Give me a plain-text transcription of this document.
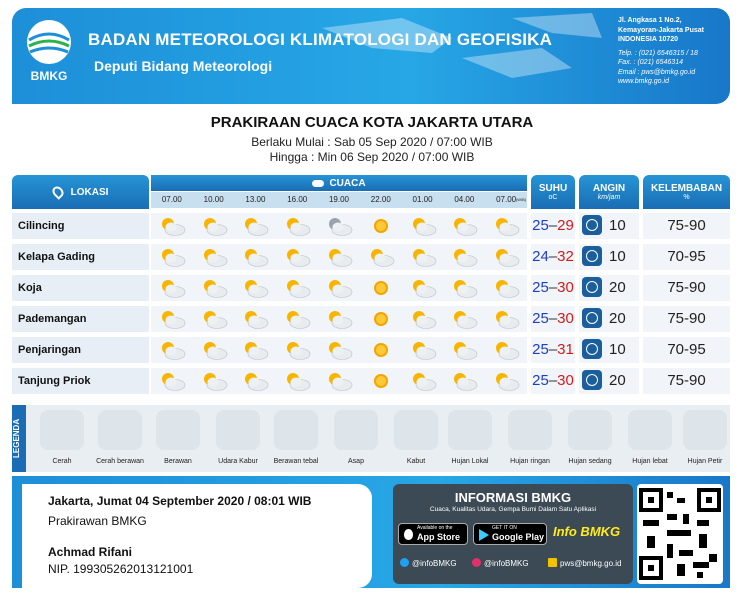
BMKG
BADAN METEOROLOGI KLIMATOLOGI DAN GEOFISIKA
Deputi Bidang Meteorologi
Jl. Angkasa 1 No.2,
Kemayoran-Jakarta Pusat
INDONESIA 10720
Telp. : (021) 6546315 / 18
Fax. : (021) 6546314
Email : pws@bmkg.go.id
www.bmkg.go.id
PRAKIRAAN CUACA KOTA JAKARTA UTARA
Berlaku Mulai : Sab 05 Sep 2020 / 07:00 WIB
Hingga : Min 06 Sep 2020 / 07:00 WIB
LOKASI
CUACA
07.00	10.00	13.00	16.00	19.00	22.00	01.00	04.00	07.00 (WIB)
SUHU
oC
ANGIN
km/jam
KELEMBABAN
%
Cilincing	25–29 10	75-90
Kelapa Gading	24–32 10	70-95
Koja	25–30 20	75-90
Pademangan	25–30 20	75-90
Penjaringan	25–31 10	70-95
Tanjung Priok	25–30 20	75-90
LEGENDA
Cerah	Cerah berawan	Berawan	Udara Kabur	Berawan tebal	Asap	Kabut	Hujan Lokal	Hujan ringan	Hujan sedang	Hujan lebat	Hujan Petir
Jakarta, Jumat 04 September 2020 / 08:01 WIB
Prakirawan BMKG
Achmad Rifani
NIP. 199305262013121001
INFORMASI BMKG
Cuaca, Kualitas Udara, Gempa Bumi Dalam Satu Aplikasi
Available on the
App Store
GET IT ON
Google Play Info BMKG
@infoBMKG	@infoBMKG	pws@bmkg.go.id
